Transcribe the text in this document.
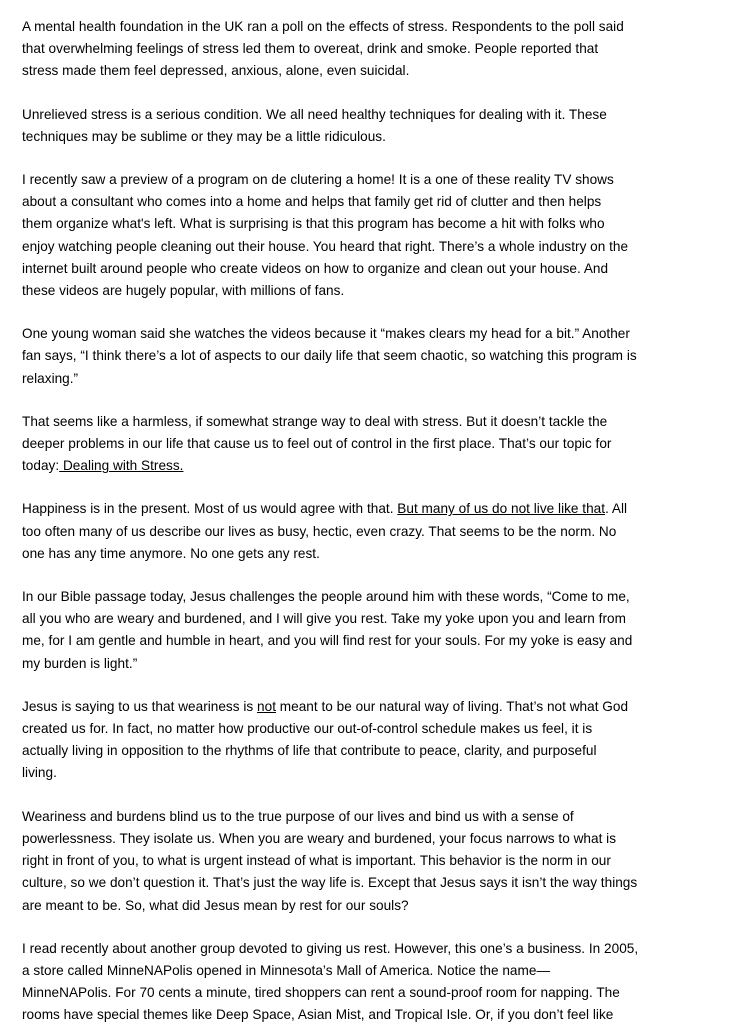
A mental health foundation in the UK ran a poll on the effects of stress. Respondents to the poll said
that overwhelming feelings of stress led them to overeat, drink and smoke. People reported that
stress made them feel depressed, anxious, alone, even suicidal.

Unrelieved stress is a serious condition. We all need healthy techniques for dealing with it. These
techniques may be sublime or they may be a little ridiculous.

I recently saw a preview of a program on de clutering a home! It is a one of these reality TV shows
about a consultant who comes into a home and helps that family get rid of clutter and then helps
them organize what's left. What is surprising is that this program has become a hit with folks who
enjoy watching people cleaning out their house. You heard that right. There’s a whole industry on the
internet built around people who create videos on how to organize and clean out your house. And
these videos are hugely popular, with millions of fans.

One young woman said she watches the videos because it “makes clears my head for a bit.” Another
fan says, “I think there’s a lot of aspects to our daily life that seem chaotic, so watching this program is
relaxing.”

That seems like a harmless, if somewhat strange way to deal with stress. But it doesn’t tackle the
deeper problems in our life that cause us to feel out of control in the first place. That’s our topic for
today: Dealing with Stress.

Happiness is in the present. Most of us would agree with that. But many of us do not live like that. All
too often many of us describe our lives as busy, hectic, even crazy. That seems to be the norm. No
one has any time anymore. No one gets any rest.

In our Bible passage today, Jesus challenges the people around him with these words, “Come to me,
all you who are weary and burdened, and I will give you rest. Take my yoke upon you and learn from
me, for I am gentle and humble in heart, and you will find rest for your souls. For my yoke is easy and
my burden is light.”

Jesus is saying to us that weariness is not meant to be our natural way of living. That’s not what God
created us for. In fact, no matter how productive our out-of-control schedule makes us feel, it is
actually living in opposition to the rhythms of life that contribute to peace, clarity, and purposeful
living.

Weariness and burdens blind us to the true purpose of our lives and bind us with a sense of
powerlessness. They isolate us. When you are weary and burdened, your focus narrows to what is
right in front of you, to what is urgent instead of what is important. This behavior is the norm in our
culture, so we don’t question it. That’s just the way life is. Except that Jesus says it isn’t the way things
are meant to be. So, what did Jesus mean by rest for our souls?

I read recently about another group devoted to giving us rest. However, this one’s a business. In 2005,
a store called MinneNAPolis opened in Minnesota’s Mall of America. Notice the name—
MinneNAPolis. For 70 cents a minute, tired shoppers can rent a sound-proof room for napping. The
rooms have special themes like Deep Space, Asian Mist, and Tropical Isle. Or, if you don’t feel like
